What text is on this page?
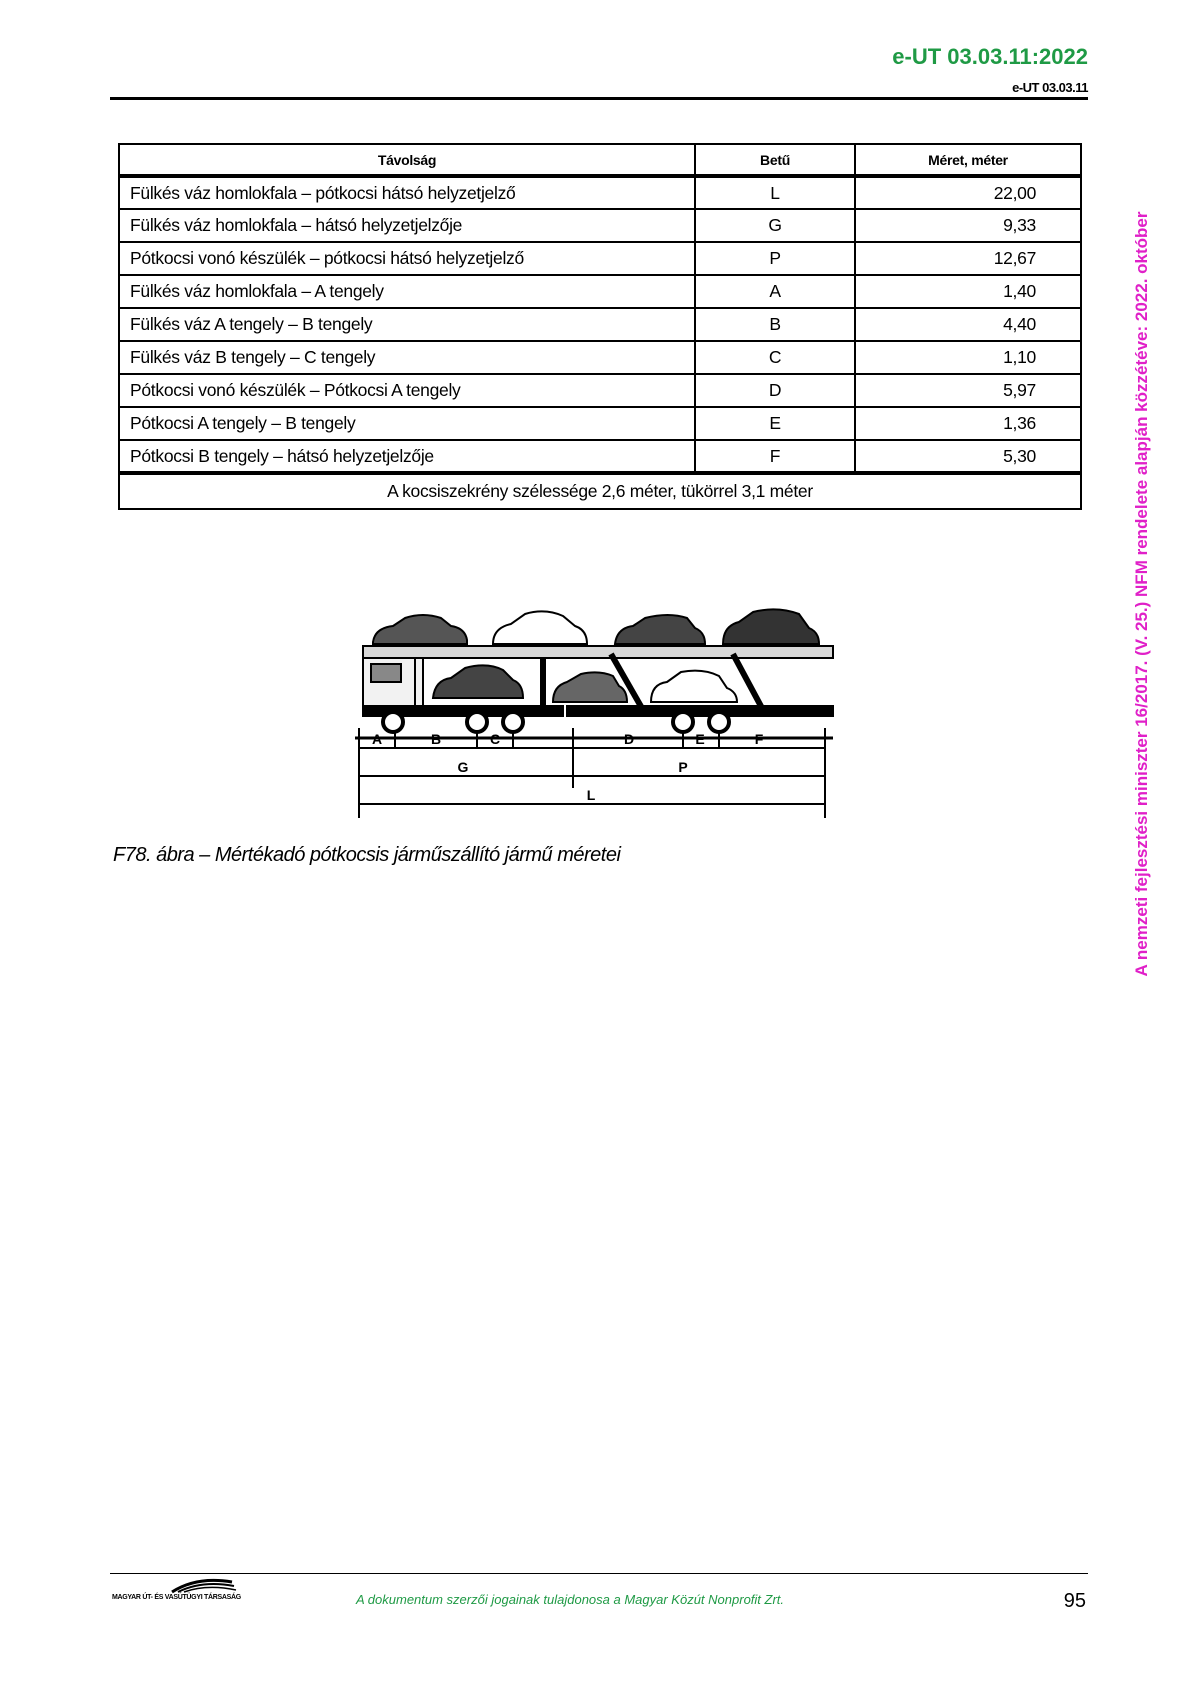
e-UT 03.03.11:2022
e-UT 03.03.11
A nemzeti fejlesztési miniszter 16/2017. (V. 25.) NFM rendelete alapján közzétéve: 2022. október
Távolság	Betű	Méret, méter
Fülkés váz homlokfala – pótkocsi hátsó helyzetjelző	L	22,00
Fülkés váz homlokfala – hátsó helyzetjelzője	G	9,33
Pótkocsi vonó készülék – pótkocsi hátsó helyzetjelző	P	12,67
Fülkés váz homlokfala – A tengely	A	1,40
Fülkés váz A tengely – B tengely	B	4,40
Fülkés váz B tengely – C tengely	C	1,10
Pótkocsi vonó készülék – Pótkocsi A tengely	D	5,97
Pótkocsi A tengely – B tengely	E	1,36
Pótkocsi B tengely – hátsó helyzetjelzője	F	5,30
A kocsiszekrény szélessége 2,6 méter, tükörrel 3,1 méter		
A	B	C	D	E	F
G	P
L
F78. ábra – Mértékadó pótkocsis járműszállító jármű méretei
MAGYAR ÚT- ÉS VASÚTÜGYI TÁRSASÁG	A dokumentum szerzői jogainak tulajdonosa a Magyar Közút Nonprofit Zrt.	95
